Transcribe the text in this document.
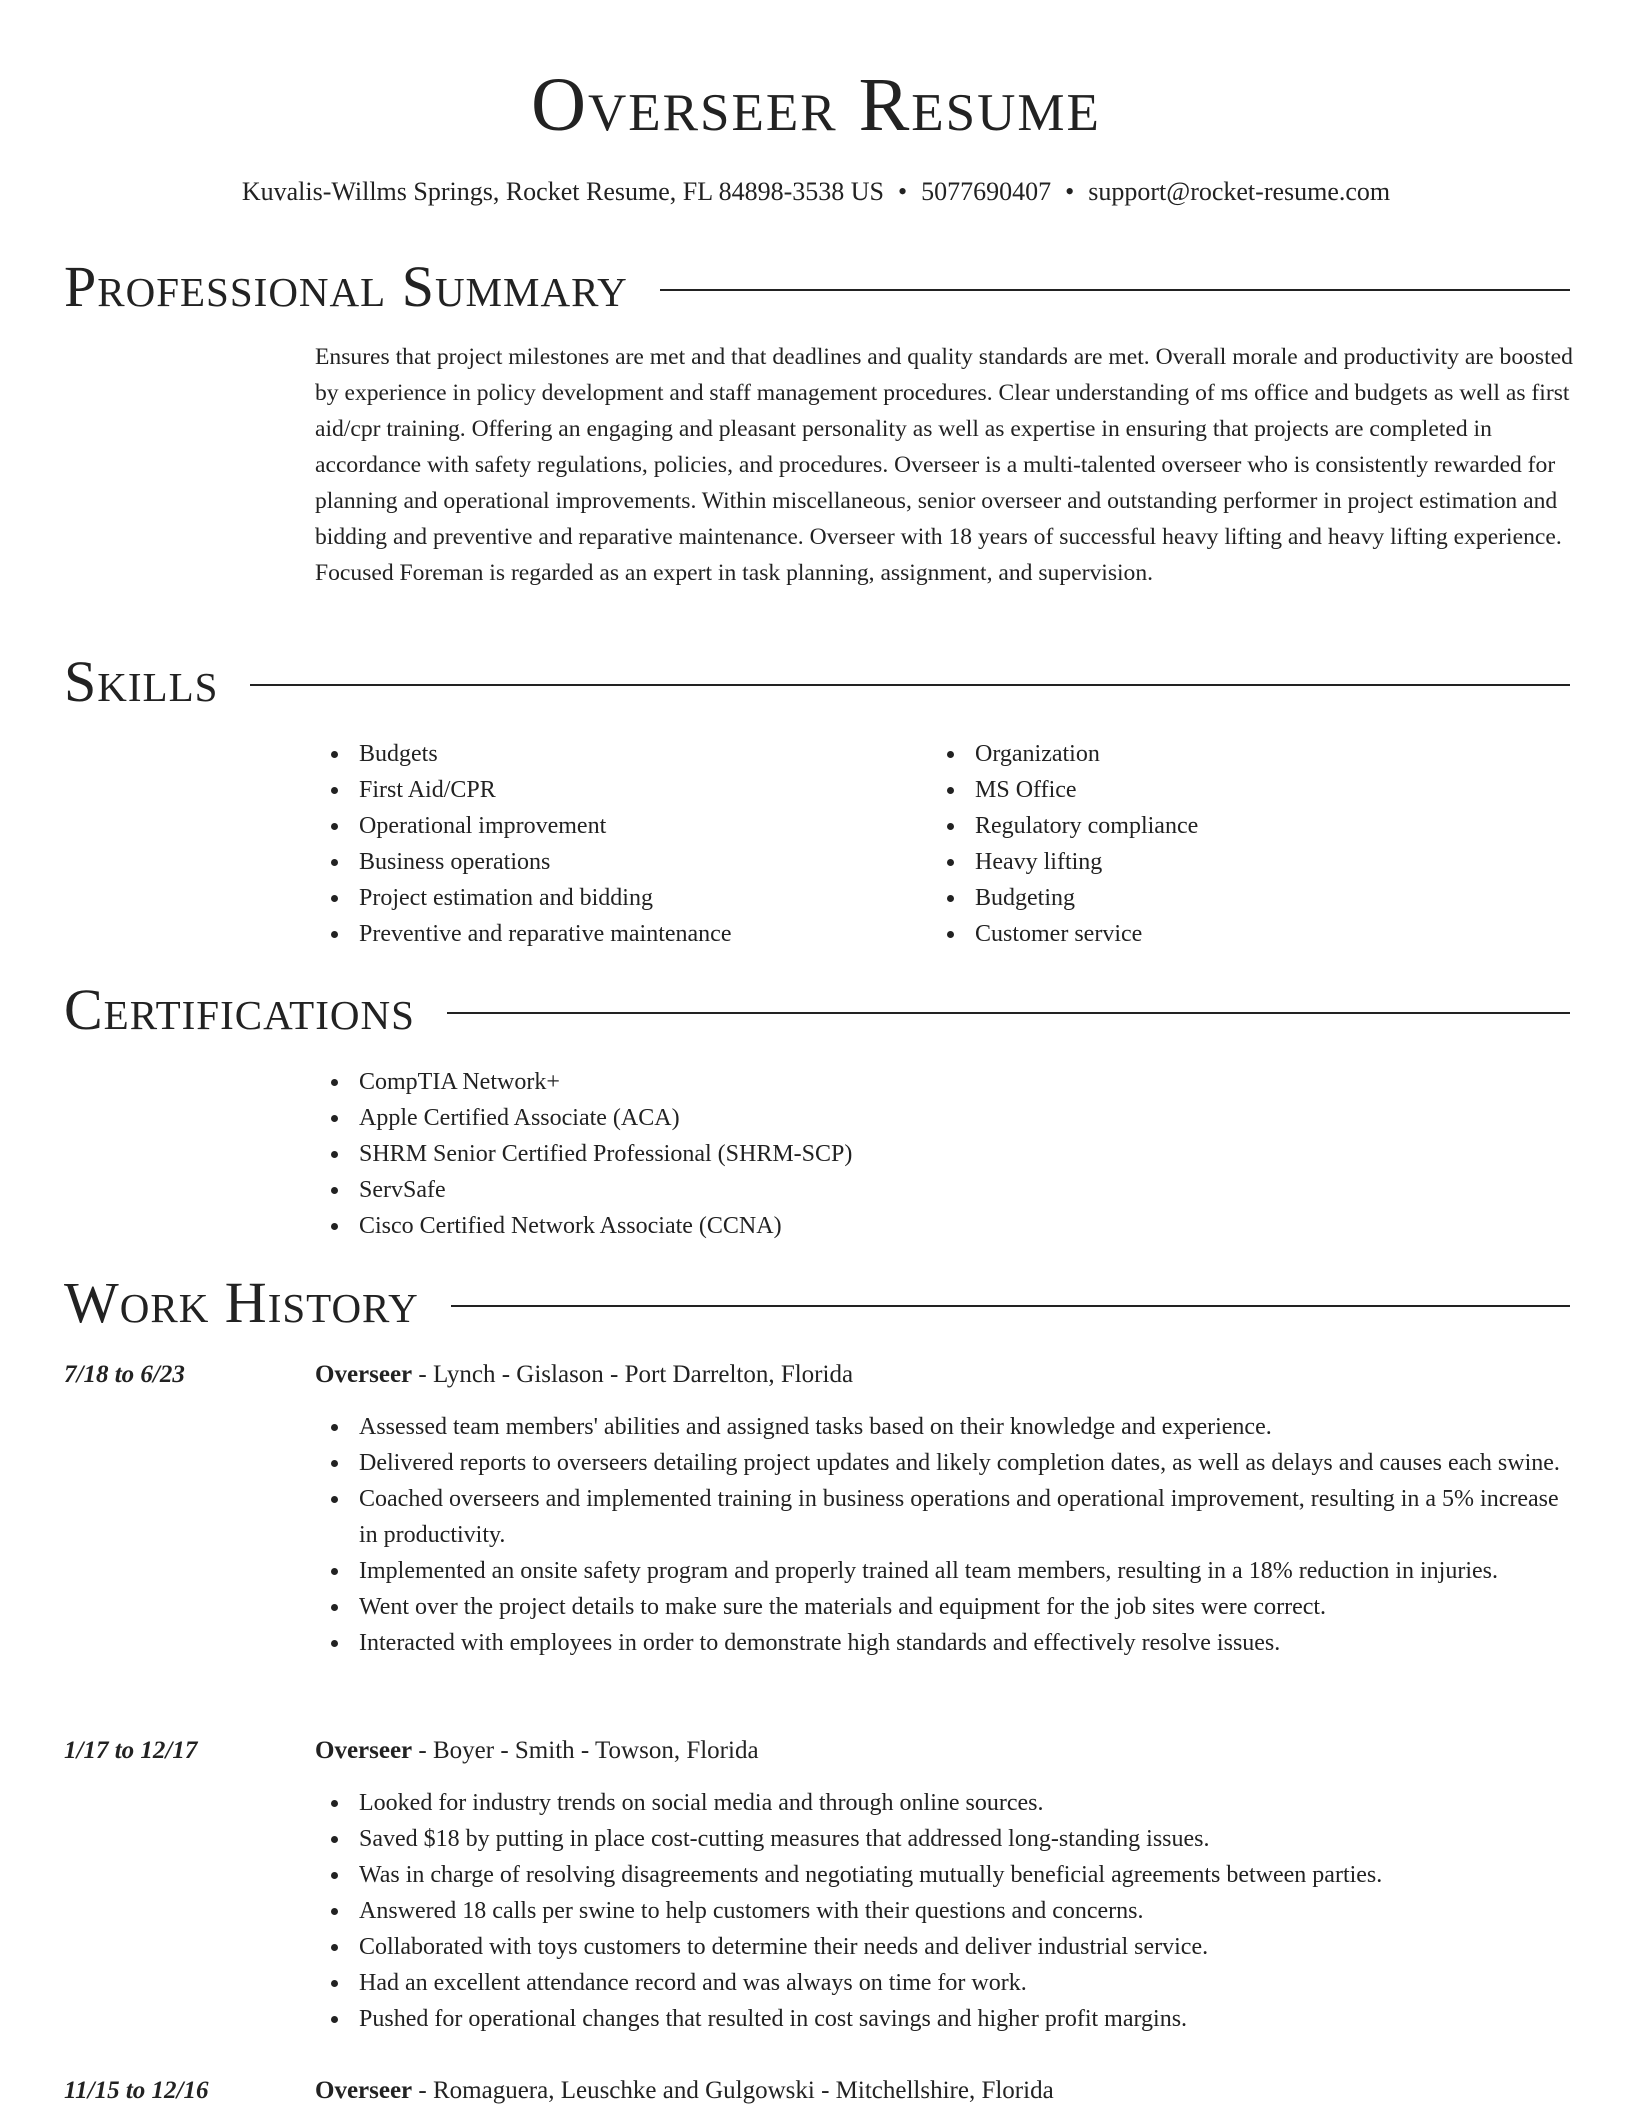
Overseer Resume
Kuvalis-Willms Springs, Rocket Resume, FL 84898-3538 US • 5077690407 • support@rocket-resume.com
Professional Summary

Ensures that project milestones are met and that deadlines and quality standards are met. Overall morale and productivity are boosted by experience in policy development and staff management procedures. Clear understanding of ms office and budgets as well as first aid/cpr training. Offering an engaging and pleasant personality as well as expertise in ensuring that projects are completed in accordance with safety regulations, policies, and procedures. Overseer is a multi-talented overseer who is consistently rewarded for planning and operational improvements. Within miscellaneous, senior overseer and outstanding performer in project estimation and bidding and preventive and reparative maintenance. Overseer with 18 years of successful heavy lifting and heavy lifting experience. Focused Foreman is regarded as an expert in task planning, assignment, and supervision.

Skills
Budgets
First Aid/CPR
Operational improvement
Business operations
Project estimation and bidding
Preventive and reparative maintenance
Organization
MS Office
Regulatory compliance
Heavy lifting
Budgeting
Customer service
Certifications
CompTIA Network+
Apple Certified Associate (ACA)
SHRM Senior Certified Professional (SHRM-SCP)
ServSafe
Cisco Certified Network Associate (CCNA)
Work History
7/18 to 6/23	Overseer - Lynch - Gislason - Port Darrelton, Florida
Assessed team members' abilities and assigned tasks based on their knowledge and experience.
Delivered reports to overseers detailing project updates and likely completion dates, as well as delays and causes each swine.
Coached overseers and implemented training in business operations and operational improvement, resulting in a 5% increase in productivity.
Implemented an onsite safety program and properly trained all team members, resulting in a 18% reduction in injuries.
Went over the project details to make sure the materials and equipment for the job sites were correct.
Interacted with employees in order to demonstrate high standards and effectively resolve issues.
1/17 to 12/17	Overseer - Boyer - Smith - Towson, Florida
Looked for industry trends on social media and through online sources.
Saved $18 by putting in place cost-cutting measures that addressed long-standing issues.
Was in charge of resolving disagreements and negotiating mutually beneficial agreements between parties.
Answered 18 calls per swine to help customers with their questions and concerns.
Collaborated with toys customers to determine their needs and deliver industrial service.
Had an excellent attendance record and was always on time for work.
Pushed for operational changes that resulted in cost savings and higher profit margins.
11/15 to 12/16	Overseer - Romaguera, Leuschke and Gulgowski - Mitchellshire, Florida
